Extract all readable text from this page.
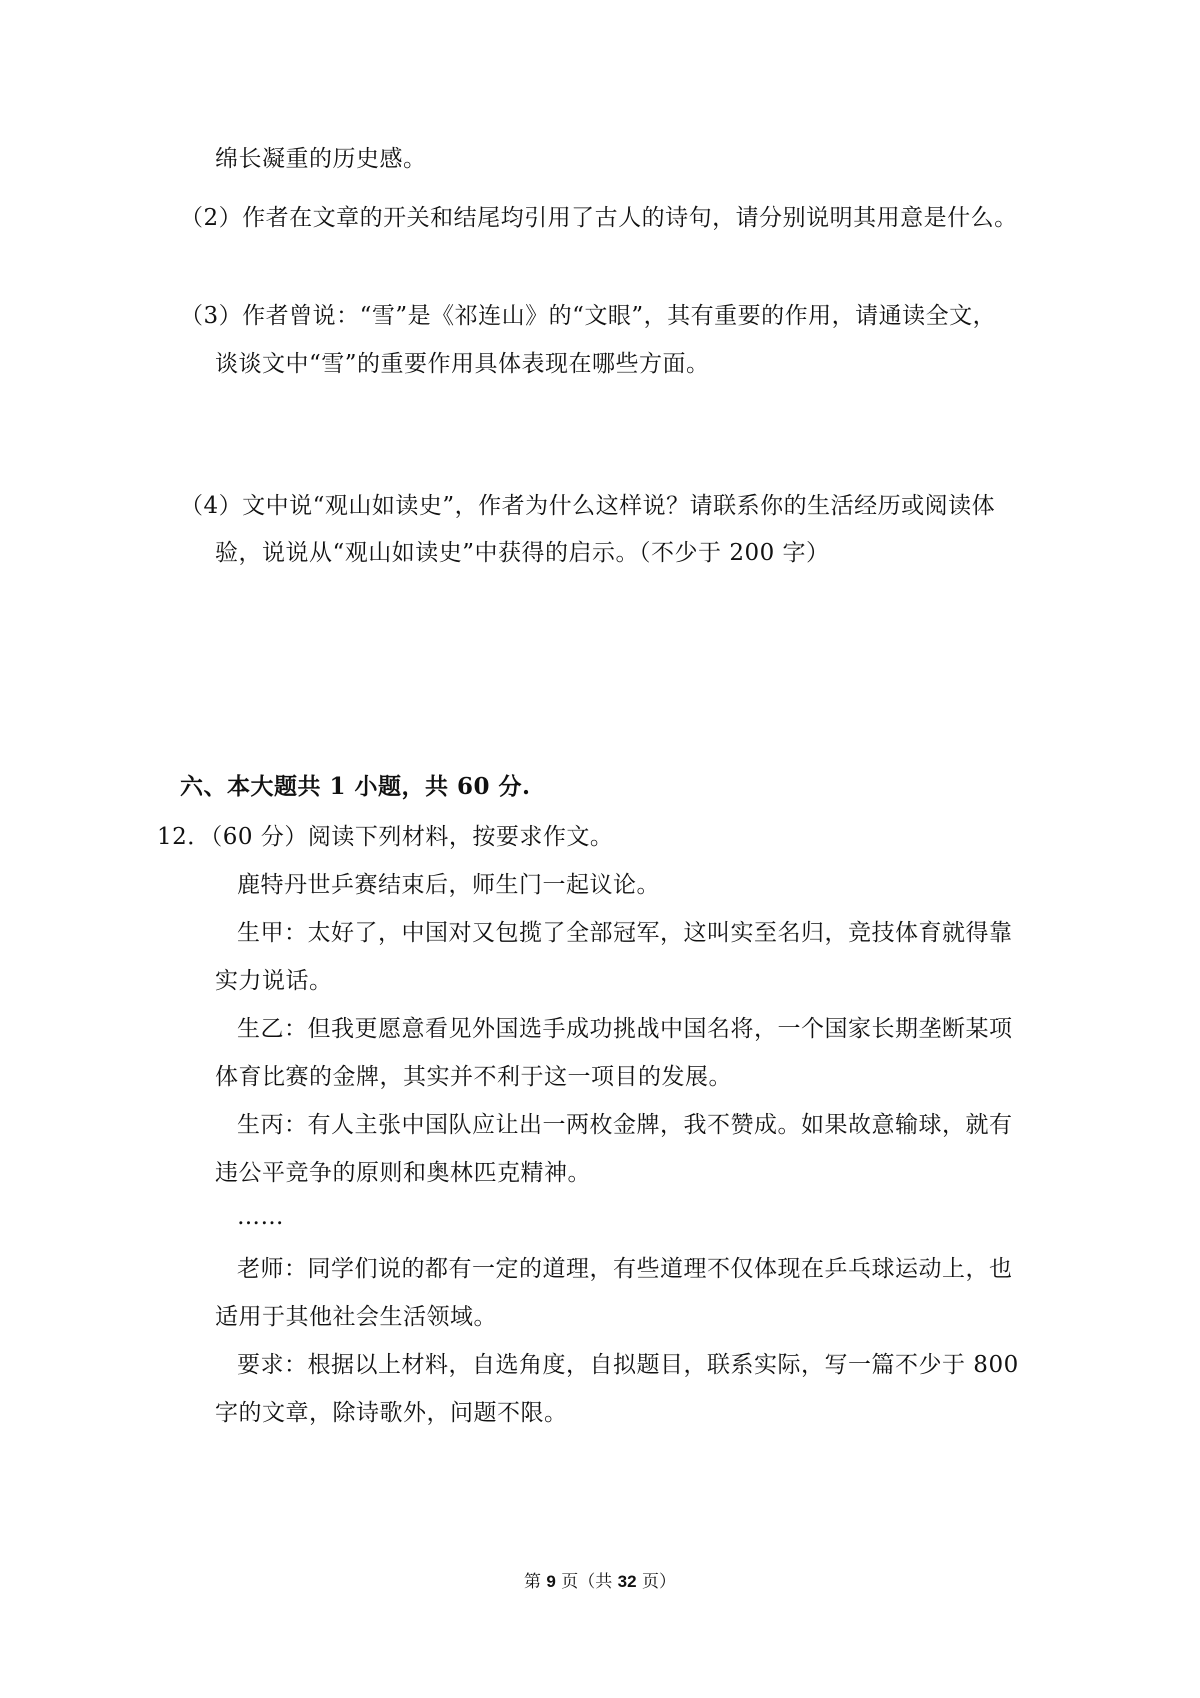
绵长凝重的历史感。
（2）作者在文章的开关和结尾均引用了古人的诗句，请分别说明其用意是什么。
（3）作者曾说：“雪”是《祁连山》的“文眼”，其有重要的作用，请通读全文，
谈谈文中“雪”的重要作用具体表现在哪些方面。
（4）文中说“观山如读史”，作者为什么这样说？请联系你的生活经历或阅读体
验，说说从“观山如读史”中获得的启示。（不少于 200 字）
六、本大题共 1 小题，共 60 分.
12．（60 分）阅读下列材料，按要求作文。
鹿特丹世乒赛结束后，师生门一起议论。
生甲：太好了，中国对又包揽了全部冠军，这叫实至名归，竞技体育就得靠
实力说话。
生乙：但我更愿意看见外国选手成功挑战中国名将，一个国家长期垄断某项
体育比赛的金牌，其实并不利于这一项目的发展。
生丙：有人主张中国队应让出一两枚金牌，我不赞成。如果故意输球，就有
违公平竞争的原则和奥林匹克精神。
……
老师：同学们说的都有一定的道理，有些道理不仅体现在乒乓球运动上，也
适用于其他社会生活领域。
要求：根据以上材料，自选角度，自拟题目，联系实际，写一篇不少于 800
字的文章，除诗歌外，问题不限。
第 9 页（共 32 页）
